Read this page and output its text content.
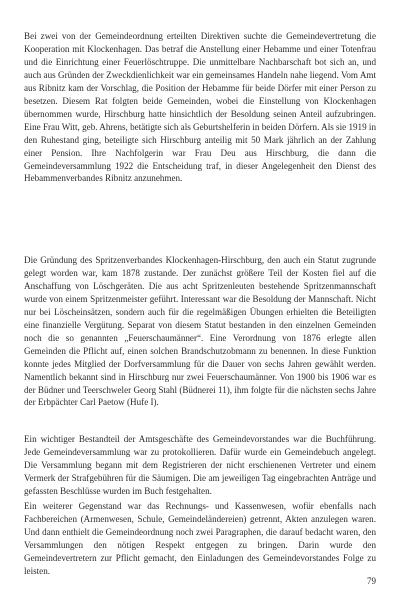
Bei zwei von der Gemeindeordnung erteilten Direktiven suchte die Gemeindevertretung die Kooperation mit Klockenhagen. Das betraf die Anstellung einer Hebamme und einer Totenfrau und die Einrichtung einer Feuerlöschtruppe. Die unmittelbare Nachbarschaft bot sich an, und auch aus Gründen der Zweckdienlichkeit war ein gemeinsames Handeln nahe liegend. Vom Amt aus Ribnitz kam der Vorschlag, die Position der Hebamme für beide Dörfer mit einer Person zu besetzen. Diesem Rat folgten beide Gemeinden, wobei die Einstellung von Klockenhagen übernommen wurde, Hirschburg hatte hinsichtlich der Besoldung seinen Anteil aufzubringen. Eine Frau Witt, geb. Ahrens, betätigte sich als Geburtshelferin in beiden Dörfern. Als sie 1919 in den Ruhestand ging, beteiligte sich Hirschburg anteilig mit 50 Mark jährlich an der Zahlung einer Pension. Ihre Nachfolgerin war Frau Deu aus Hirschburg, die dann die Gemeindeversammlung 1922 die Entscheidung traf, in dieser Angelegenheit den Dienst des Hebammenverbandes Ribnitz anzunehmen.

Die Gründung des Spritzenverbandes Klockenhagen-Hirschburg, den auch ein Statut zugrunde gelegt worden war, kam 1878 zustande. Der zunächst größere Teil der Kosten fiel auf die Anschaffung von Löschgeräten. Die aus acht Spritzenleuten bestehende Spritzenmannschaft wurde von einem Spritzenmeister geführt. Interessant war die Besoldung der Mannschaft. Nicht nur bei Löscheinsätzen, sondern auch für die regelmäßigen Übungen erhielten die Beteiligten eine finanzielle Vergütung. Separat von diesem Statut bestanden in den einzelnen Gemeinden noch die so genannten „Feuerschaumänner“. Eine Verordnung von 1876 erlegte allen Gemeinden die Pflicht auf, einen solchen Brandschutzobmann zu benennen. In diese Funktion konnte jedes Mitglied der Dorfversammlung für die Dauer von sechs Jahren gewählt werden. Namentlich bekannt sind in Hirschburg nur zwei Feuerschaumänner. Von 1900 bis 1906 war es der Büdner und Teerschweler Georg Stahl (Büdnerei 11), ihm folgte für die nächsten sechs Jahre der Erbpächter Carl Paetow (Hufe I).

Ein wichtiger Bestandteil der Amtsgeschäfte des Gemeindevorstandes war die Buchführung. Jede Gemeindeversammlung war zu protokollieren. Dafür wurde ein Gemeindebuch angelegt. Die Versammlung begann mit dem Registrieren der nicht erschienenen Vertreter und einem Vermerk der Strafgebühren für die Säumigen. Die am jeweiligen Tag eingebrachten Anträge und gefassten Beschlüsse wurden im Buch festgehalten.

Ein weiterer Gegenstand war das Rechnungs- und Kassenwesen, wofür ebenfalls nach Fachbereichen (Armenwesen, Schule, Gemeindeländereien) getrennt, Akten anzulegen waren. Und dann enthielt die Gemeindeordnung noch zwei Paragraphen, die darauf bedacht waren, den Versammlungen den nötigen Respekt entgegen zu bringen. Darin wurde den Gemeindevertretern zur Pflicht gemacht, den Einladungen des Gemeindevorstandes Folge zu leisten.

79
